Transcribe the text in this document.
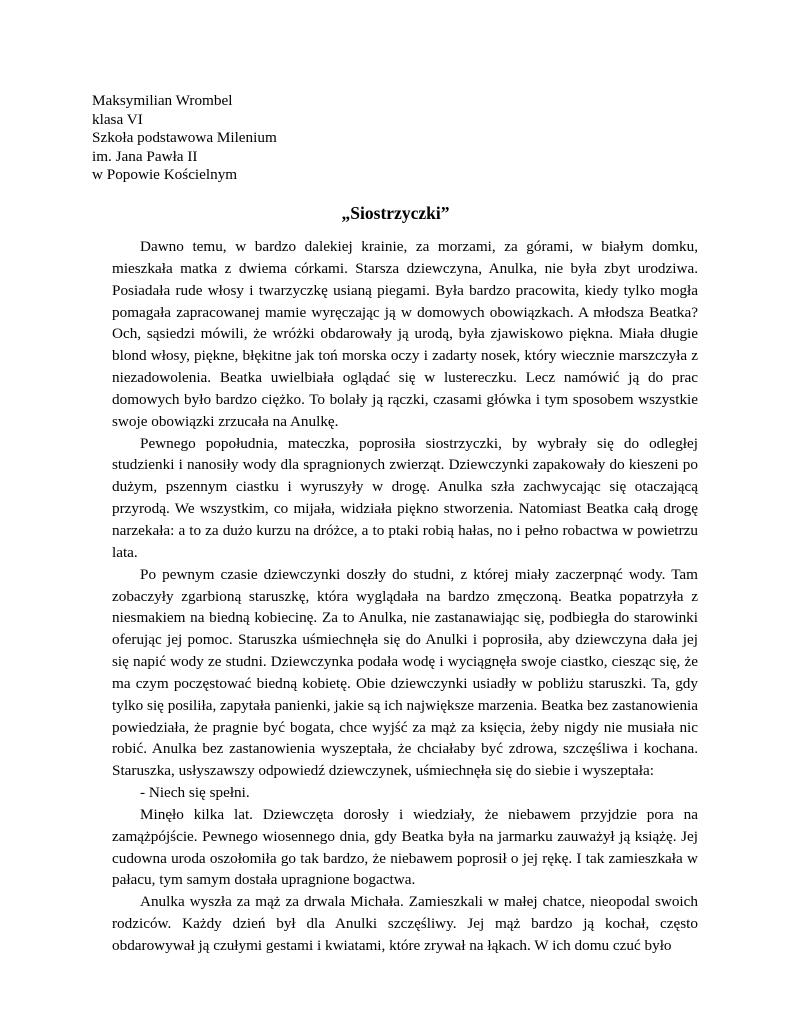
Maksymilian Wrombel
klasa VI
Szkoła podstawowa Milenium
im. Jana Pawła II
w Popowie Kościelnym
„Siostrzyczki”

Dawno temu, w bardzo dalekiej krainie, za morzami, za górami, w białym domku, mieszkała matka z dwiema córkami. Starsza dziewczyna, Anulka, nie była zbyt urodziwa. Posiadała rude włosy i twarzyczkę usianą piegami. Była bardzo pracowita, kiedy tylko mogła pomagała zapracowanej mamie wyręczając ją w domowych obowiązkach. A młodsza Beatka? Och, sąsiedzi mówili, że wróżki obdarowały ją urodą, była zjawiskowo piękna. Miała długie blond włosy, piękne, błękitne jak toń morska oczy i zadarty nosek, który wiecznie marszczyła z niezadowolenia. Beatka uwielbiała oglądać się w lustereczku. Lecz namówić ją do prac domowych było bardzo ciężko. To bolały ją rączki, czasami główka i tym sposobem wszystkie swoje obowiązki zrzucała na Anulkę.

Pewnego popołudnia, mateczka, poprosiła siostrzyczki, by wybrały się do odległej studzienki i nanosiły wody dla spragnionych zwierząt. Dziewczynki zapakowały do kieszeni po dużym, pszennym ciastku i wyruszyły w drogę. Anulka szła zachwycając się otaczającą przyrodą. We wszystkim, co mijała, widziała piękno stworzenia. Natomiast Beatka całą drogę narzekała: a to za dużo kurzu na dróżce, a to ptaki robią hałas, no i pełno robactwa w powietrzu lata.

Po pewnym czasie dziewczynki doszły do studni, z której miały zaczerpnąć wody. Tam zobaczyły zgarbioną staruszkę, która wyglądała na bardzo zmęczoną. Beatka popatrzyła z niesmakiem na biedną kobiecinę. Za to Anulka, nie zastanawiając się, podbiegła do starowinki oferując jej pomoc. Staruszka uśmiechnęła się do Anulki i poprosiła, aby dziewczyna dała jej się napić wody ze studni. Dziewczynka podała wodę i wyciągnęła swoje ciastko, ciesząc się, że ma czym poczęstować biedną kobietę. Obie dziewczynki usiadły w pobliżu staruszki. Ta, gdy tylko się posiliła, zapytała panienki, jakie są ich największe marzenia. Beatka bez zastanowienia powiedziała, że pragnie być bogata, chce wyjść za mąż za księcia, żeby nigdy nie musiała nic robić. Anulka bez zastanowienia wyszeptała, że chciałaby być zdrowa, szczęśliwa i kochana. Staruszka, usłyszawszy odpowiedź dziewczynek, uśmiechnęła się do siebie i wyszeptała:

- Niech się spełni.

Minęło kilka lat. Dziewczęta dorosły i wiedziały, że niebawem przyjdzie pora na zamążpójście. Pewnego wiosennego dnia, gdy Beatka była na jarmarku zauważył ją książę. Jej cudowna uroda oszołomiła go tak bardzo, że niebawem poprosił o jej rękę. I tak zamieszkała w pałacu, tym samym dostała upragnione bogactwa.

Anulka wyszła za mąż za drwala Michała. Zamieszkali w małej chatce, nieopodal swoich rodziców. Każdy dzień był dla Anulki szczęśliwy. Jej mąż bardzo ją kochał, często obdarowywał ją czułymi gestami i kwiatami, które zrywał na łąkach. W ich domu czuć było
